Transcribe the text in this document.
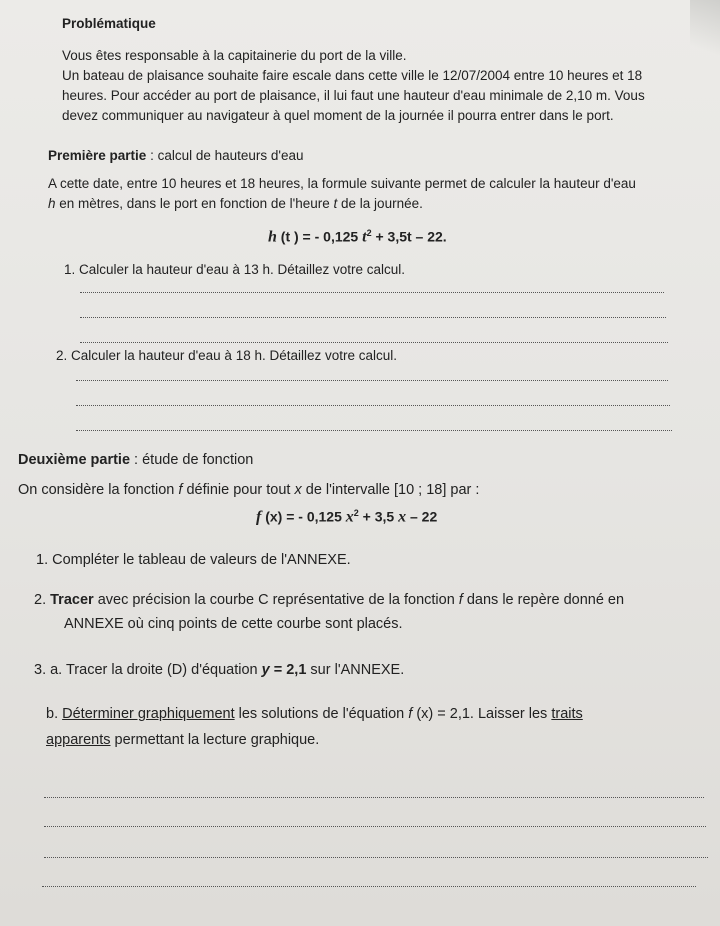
Problématique

Vous êtes responsable à la capitainerie du port de la ville.

Un bateau de plaisance souhaite faire escale dans cette ville le 12/07/2004 entre 10 heures et 18

heures. Pour accéder au port de plaisance, il lui faut une hauteur d'eau minimale de 2,10 m. Vous

devez communiquer au navigateur à quel moment de la journée il pourra entrer dans le port.

Première partie : calcul de hauteurs d'eau

A cette date, entre 10 heures et 18 heures, la formule suivante permet de calculer la hauteur d'eau

h en mètres, dans le port en fonction de l'heure t de la journée.

h (t ) = - 0,125 $t^2 + 3,5t - 22$.

1. Calculer la hauteur d'eau à 13 h. Détaillez votre calcul.

2. Calculer la hauteur d'eau à 18 h. Détaillez votre calcul.

Deuxième partie : étude de fonction

On considère la fonction f définie pour tout x de l'intervalle [10 ; 18] par :

f (x) = - 0,125 $x^2 + 3,5$ x – 22

1. Compléter le tableau de valeurs de l'ANNEXE.

2. Tracer avec précision la courbe C représentative de la fonction f dans le repère donné en

ANNEXE où cinq points de cette courbe sont placés.

3. a. Tracer la droite (D) d'équation y = 2,1 sur l'ANNEXE.

b. Déterminer graphiquement les solutions de l'équation f (x) = 2,1. Laisser les traits

apparents permettant la lecture graphique.
